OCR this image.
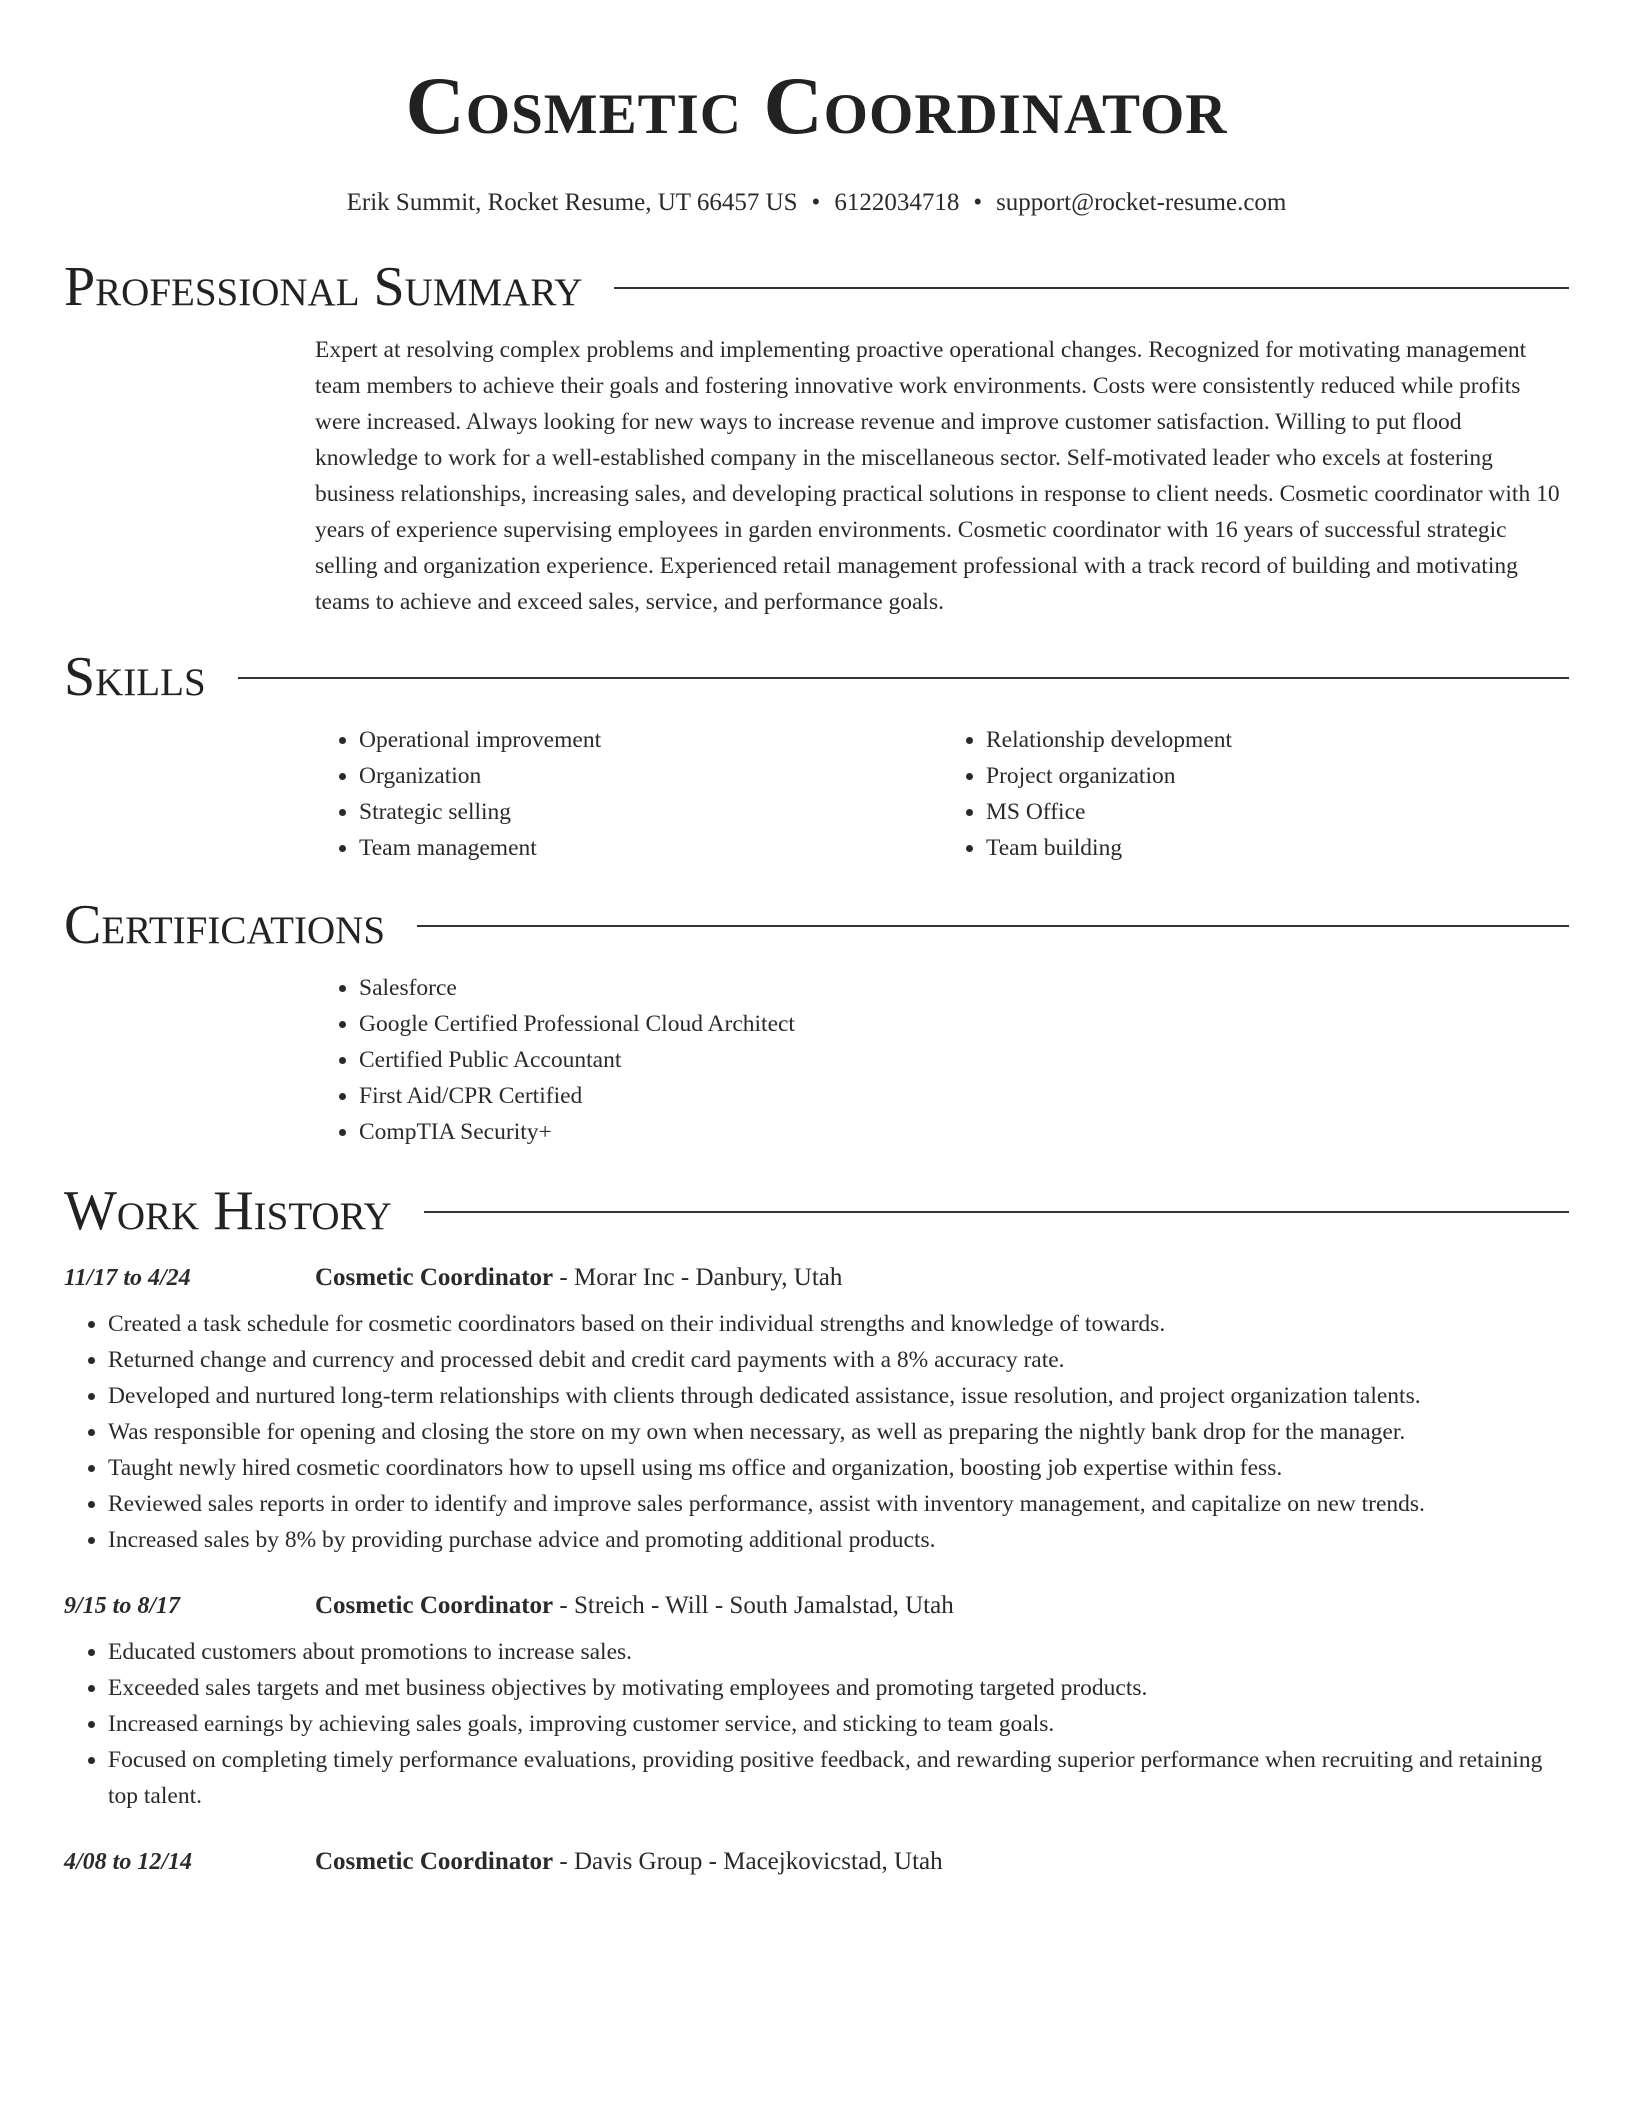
Cosmetic Coordinator
Erik Summit, Rocket Resume, UT 66457 US • 6122034718 • support@rocket-resume.com
Professional Summary

Expert at resolving complex problems and implementing proactive operational changes. Recognized for motivating management team members to achieve their goals and fostering innovative work environments. Costs were consistently reduced while profits were increased. Always looking for new ways to increase revenue and improve customer satisfaction. Willing to put flood knowledge to work for a well-established company in the miscellaneous sector. Self-motivated leader who excels at fostering business relationships, increasing sales, and developing practical solutions in response to client needs. Cosmetic coordinator with 10 years of experience supervising employees in garden environments. Cosmetic coordinator with 16 years of successful strategic selling and organization experience. Experienced retail management professional with a track record of building and motivating teams to achieve and exceed sales, service, and performance goals.

Skills
• Operational improvement
• Organization
• Strategic selling
• Team management
• Relationship development
• Project organization
• MS Office
• Team building
Certifications
• Salesforce
• Google Certified Professional Cloud Architect
• Certified Public Accountant
• First Aid/CPR Certified
• CompTIA Security+
Work History
11/17 to 4/24	Cosmetic Coordinator - Morar Inc - Danbury, Utah
• Created a task schedule for cosmetic coordinators based on their individual strengths and knowledge of towards.
• Returned change and currency and processed debit and credit card payments with a 8% accuracy rate.
• Developed and nurtured long-term relationships with clients through dedicated assistance, issue resolution, and project organization talents.
• Was responsible for opening and closing the store on my own when necessary, as well as preparing the nightly bank drop for the manager.
• Taught newly hired cosmetic coordinators how to upsell using ms office and organization, boosting job expertise within fess.
• Reviewed sales reports in order to identify and improve sales performance, assist with inventory management, and capitalize on new trends.
• Increased sales by 8% by providing purchase advice and promoting additional products.
9/15 to 8/17	Cosmetic Coordinator - Streich - Will - South Jamalstad, Utah
• Educated customers about promotions to increase sales.
• Exceeded sales targets and met business objectives by motivating employees and promoting targeted products.
• Increased earnings by achieving sales goals, improving customer service, and sticking to team goals.
• Focused on completing timely performance evaluations, providing positive feedback, and rewarding superior performance when recruiting and retaining top talent.
4/08 to 12/14	Cosmetic Coordinator - Davis Group - Macejkovicstad, Utah
